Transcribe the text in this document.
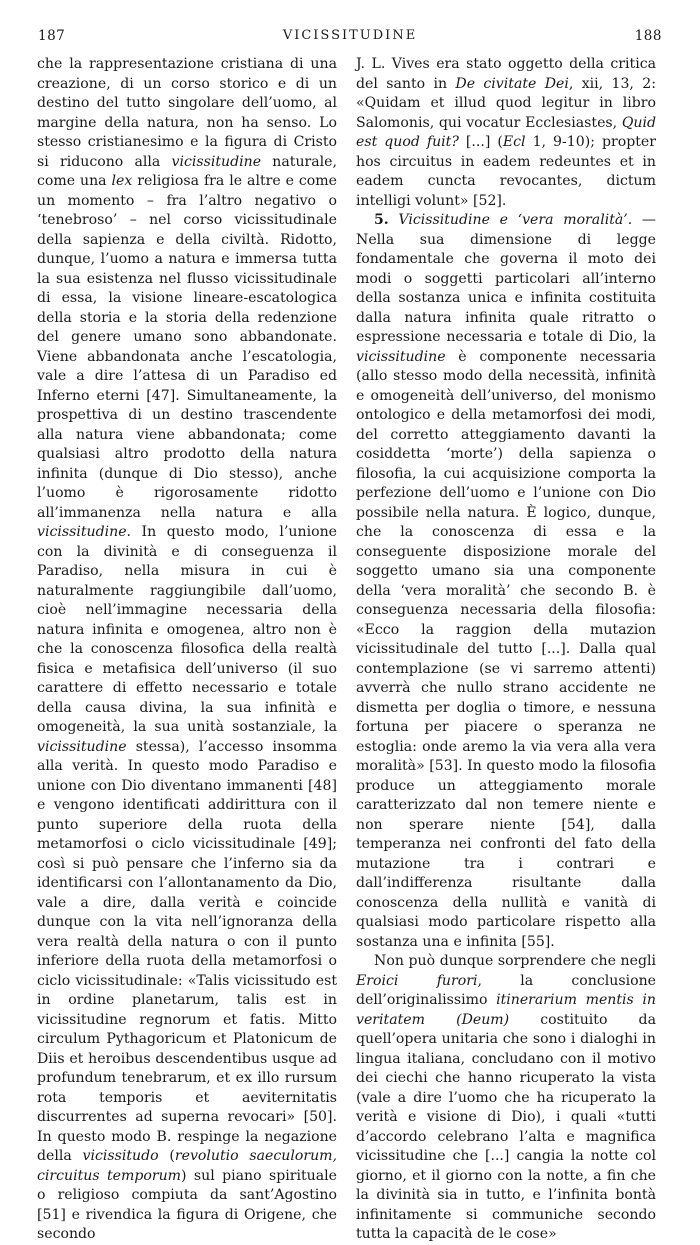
187	VICISSITUDINE	188

che la rappresentazione cristiana di una creazione, di un corso storico e di un destino del tutto singolare dell’uomo, al margine della natura, non ha senso. Lo stesso cristianesimo e la figura di Cristo si riducono alla vicissitudine naturale, come una lex religiosa fra le altre e come un momento – fra l’altro negativo o ‘tenebroso’ – nel corso vicissitudinale della sapienza e della civiltà. Ridotto, dunque, l’uomo a natura e immersa tutta la sua esistenza nel flusso vicissitudinale di essa, la visione lineare-escatologica della storia e la storia della redenzione del genere umano sono abbandonate. Viene abbandonata anche l’escatologia, vale a dire l’attesa di un Paradiso ed Inferno eterni [47]. Simultaneamente, la prospettiva di un destino trascendente alla natura viene abbandonata; come qualsiasi altro prodotto della natura infinita (dunque di Dio stesso), anche l’uomo è rigorosamente ridotto all’immanenza nella natura e alla vicissitudine. In questo modo, l’unione con la divinità e di conseguenza il Paradiso, nella misura in cui è naturalmente raggiungibile dall’uomo, cioè nell’immagine necessaria della natura infinita e omogenea, altro non è che la conoscenza filosofica della realtà fisica e metafisica dell’universo (il suo carattere di effetto necessario e totale della causa divina, la sua infinità e omogeneità, la sua unità sostanziale, la vicissitudine stessa), l’accesso insomma alla verità. In questo modo Paradiso e unione con Dio diventano immanenti [48] e vengono identificati addirittura con il punto superiore della ruota della metamorfosi o ciclo vicissitudinale [49]; così si può pensare che l’inferno sia da identificarsi con l’allontanamento da Dio, vale a dire, dalla verità e coincide dunque con la vita nell’ignoranza della vera realtà della natura o con il punto inferiore della ruota della metamorfosi o ciclo vicissitudinale: «Talis vicissitudo est in ordine planetarum, talis est in vicissitudine regnorum et fatis. Mitto circulum Pythagoricum et Platonicum de Diis et heroibus descendentibus usque ad profundum tenebrarum, et ex illo rursum rota temporis et aeviternitatis discurrentes ad superna revocari» [50]. In questo modo B. respinge la negazione della vicissitudo (revolutio saeculorum, circuitus temporum) sul piano spirituale o religioso compiuta da sant’Agostino [51] e rivendica la figura di Origene, che secondo

J. L. Vives era stato oggetto della critica del santo in De civitate Dei, xii, 13, 2: «Quidam et illud quod legitur in libro Salomonis, qui vocatur Ecclesiastes, Quid est quod fuit? [...] (Ecl 1, 9-10); propter hos circuitus in eadem redeuntes et in eadem cuncta revocantes, dictum intelligi volunt» [52].

5. Vicissitudine e ‘vera moralità’. — Nella sua dimensione di legge fondamentale che governa il moto dei modi o soggetti particolari all’interno della sostanza unica e infinita costituita dalla natura infinita quale ritratto o espressione necessaria e totale di Dio, la vicissitudine è componente necessaria (allo stesso modo della necessità, infinità e omogeneità dell’universo, del monismo ontologico e della metamorfosi dei modi, del corretto atteggiamento davanti la cosiddetta ‘morte’) della sapienza o filosofia, la cui acquisizione comporta la perfezione dell’uomo e l’unione con Dio possibile nella natura. È logico, dunque, che la conoscenza di essa e la conseguente disposizione morale del soggetto umano sia una componente della ‘vera moralità’ che secondo B. è conseguenza necessaria della filosofia: «Ecco la raggion della mutazion vicissitudinale del tutto [...]. Dalla qual contemplazione (se vi sarremo attenti) avverrà che nullo strano accidente ne dismetta per doglia o timore, e nessuna fortuna per piacere o speranza ne estoglia: onde aremo la via vera alla vera moralità» [53]. In questo modo la filosofia produce un atteggiamento morale caratterizzato dal non temere niente e non sperare niente [54], dalla temperanza nei confronti del fato della mutazione tra i contrari e dall’indifferenza risultante dalla conoscenza della nullità e vanità di qualsiasi modo particolare rispetto alla sostanza una e infinita [55].

Non può dunque sorprendere che negli Eroici furori, la conclusione dell’originalissimo itinerarium mentis in veritatem (Deum) costituito da quell’opera unitaria che sono i dialoghi in lingua italiana, concludano con il motivo dei ciechi che hanno ricuperato la vista (vale a dire l’uomo che ha ricuperato la verità e visione di Dio), i quali «tutti d’accordo celebrano l’alta e magnifica vicissitudine che [...] cangia la notte col giorno, et il giorno con la notte, a fin che la divinità sia in tutto, e l’infinita bontà infinitamente si communiche secondo tutta la capacità de le cose»
